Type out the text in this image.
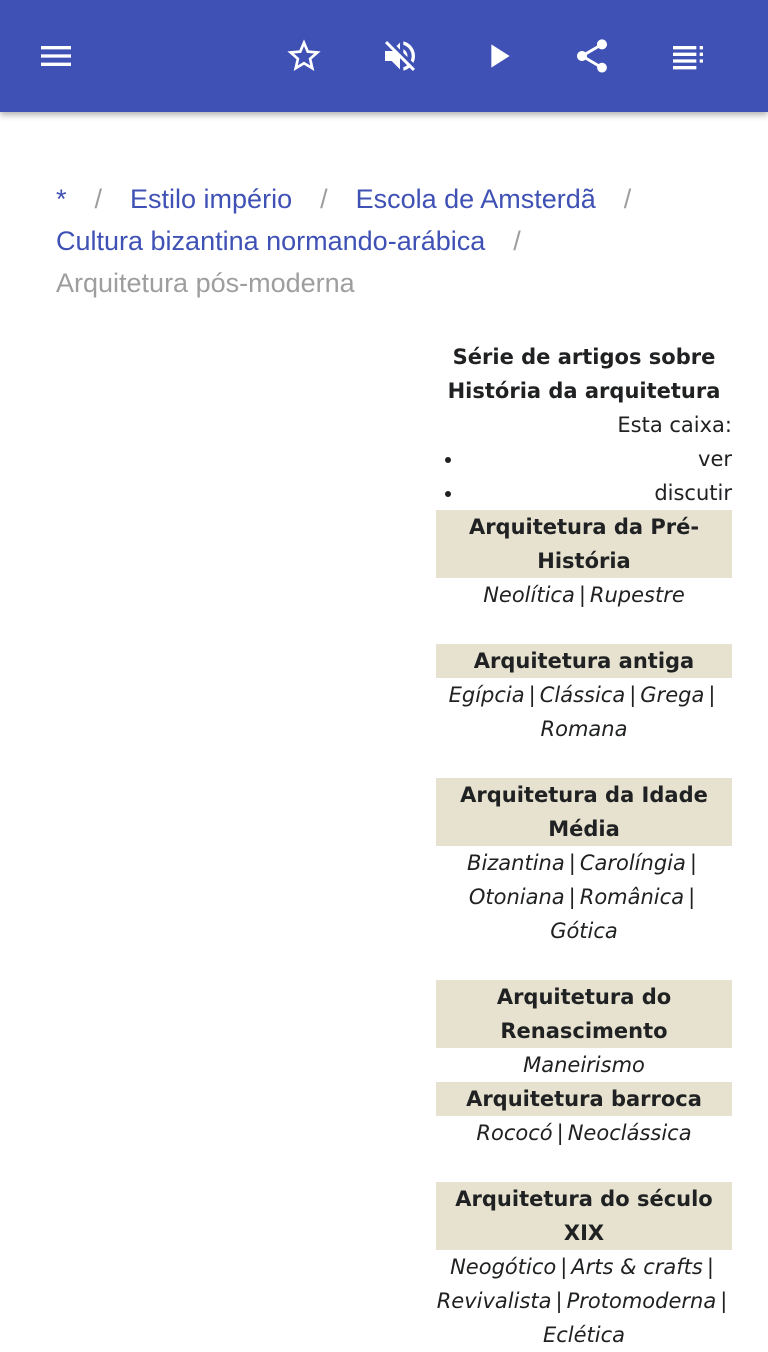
* / Estilo império / Escola de Amsterdã /
Cultura bizantina normando-arábica /
Arquitetura pós-moderna
Série de artigos sobre
História da arquitetura
Esta caixa:
• ver
• discutir
Arquitetura da Pré-História
Neolítica | Rupestre
Arquitetura antiga
Egípcia | Clássica | Grega |
Romana
Arquitetura da Idade Média
Bizantina | Carolíngia |
Otoniana | Românica |
Gótica
Arquitetura do Renascimento
Maneirismo
Arquitetura barroca
Rococó | Neoclássica
Arquitetura do século XIX
Neogótico | Arts & crafts |
Revivalista | Protomoderna |
Eclética
